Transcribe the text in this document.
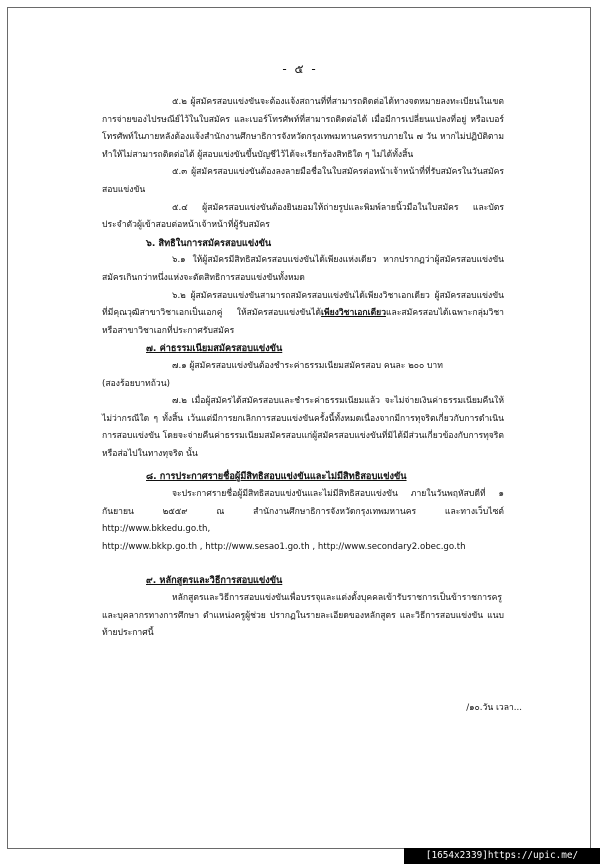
- ๕ -

๕.๒ ผู้สมัครสอบแข่งขันจะต้องแจ้งสถานที่ที่สามารถติดต่อได้ทางจดหมายลงทะเบียนในเขตการจ่ายของไปรษณีย์ไว้ในใบสมัคร และเบอร์โทรศัพท์ที่สามารถติดต่อได้ เมื่อมีการเปลี่ยนแปลงที่อยู่ หรือเบอร์โทรศัพท์ในภายหลังต้องแจ้งสำนักงานศึกษาธิการจังหวัดกรุงเทพมหานครทราบภายใน ๗ วัน หากไม่ปฏิบัติตามทำให้ไม่สามารถติดต่อได้ ผู้สอบแข่งขันขึ้นบัญชีไว้ได้จะเรียกร้องสิทธิใด ๆ ไม่ได้ทั้งสิ้น

๕.๓ ผู้สมัครสอบแข่งขันต้องลงลายมือชื่อในใบสมัครต่อหน้าเจ้าหน้าที่ที่รับสมัครในวันสมัครสอบแข่งขัน

๕.๔ ผู้สมัครสอบแข่งขันต้องยินยอมให้ถ่ายรูปและพิมพ์ลายนิ้วมือในใบสมัคร และบัตรประจำตัวผู้เข้าสอบต่อหน้าเจ้าหน้าที่ผู้รับสมัคร

๖. สิทธิในการสมัครสอบแข่งขัน

๖.๑ ให้ผู้สมัครมีสิทธิสมัครสอบแข่งขันได้เพียงแห่งเดียว หากปรากฏว่าผู้สมัครสอบแข่งขันสมัครเกินกว่าหนึ่งแห่งจะตัดสิทธิการสอบแข่งขันทั้งหมด

๖.๒ ผู้สมัครสอบแข่งขันสามารถสมัครสอบแข่งขันได้เพียงวิชาเอกเดียว ผู้สมัครสอบแข่งขันที่มีคุณวุฒิสาขาวิชาเอกเป็นเอกคู่ ให้สมัครสอบแข่งขันได้เพียงวิชาเอกเดียวและสมัครสอบได้เฉพาะกลุ่มวิชาหรือสาขาวิชาเอกที่ประกาศรับสมัคร

๗. ค่าธรรมเนียมสมัครสอบแข่งขัน

๗.๑ ผู้สมัครสอบแข่งขันต้องชำระค่าธรรมเนียมสมัครสอบ คนละ ๒๐๐ บาท

(สองร้อยบาทถ้วน)

๗.๒ เมื่อผู้สมัครได้สมัครสอบและชำระค่าธรรมเนียมแล้ว จะไม่จ่ายเงินค่าธรรมเนียมคืนให้ไม่ว่ากรณีใด ๆ ทั้งสิ้น เว้นแต่มีการยกเลิกการสอบแข่งขันครั้งนี้ทั้งหมดเนื่องจากมีการทุจริตเกี่ยวกับการดำเนินการสอบแข่งขัน โดยจะจ่ายคืนค่าธรรมเนียมสมัครสอบแก่ผู้สมัครสอบแข่งขันที่มิได้มีส่วนเกี่ยวข้องกับการทุจริตหรือส่อไปในทางทุจริต นั้น

๘. การประกาศรายชื่อผู้มีสิทธิสอบแข่งขันและไม่มีสิทธิสอบแข่งขัน

จะประกาศรายชื่อผู้มีสิทธิสอบแข่งขันและไม่มีสิทธิสอบแข่งขัน ภายในวันพฤหัสบดีที่ ๑ กันยายน ๒๕๕๙ ณ สำนักงานศึกษาธิการจังหวัดกรุงเทพมหานคร และทางเว็บไซต์ http://www.bkkedu.go.th,

http://www.bkkp.go.th , http://www.sesao1.go.th , http://www.secondary2.obec.go.th

๙. หลักสูตรและวิธีการสอบแข่งขัน

หลักสูตรและวิธีการสอบแข่งขันเพื่อบรรจุและแต่งตั้งบุคคลเข้ารับราชการเป็นข้าราชการครูและบุคลากรทางการศึกษา ตำแหน่งครูผู้ช่วย ปรากฏในรายละเอียดของหลักสูตร และวิธีการสอบแข่งขัน แนบท้ายประกาศนี้

/๑๐.วัน เวลา...
[1654x2339]https://upic.me/
